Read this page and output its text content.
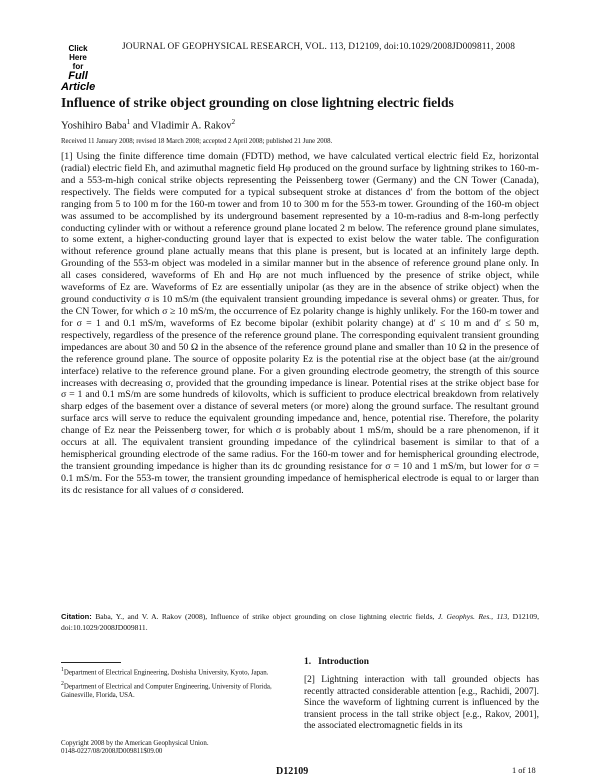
Click
Here
for
Full
Article
JOURNAL OF GEOPHYSICAL RESEARCH, VOL. 113, D12109, doi:10.1029/2008JD009811, 2008
Influence of strike object grounding on close lightning electric fields
Yoshihiro Baba$^1$ and Vladimir A. Rakov$^2$
Received 11 January 2008; revised 18 March 2008; accepted 2 April 2008; published 21 June 2008.
[1] Using the finite difference time domain (FDTD) method, we have calculated vertical electric field Ez, horizontal (radial) electric field Eh, and azimuthal magnetic field Hφ produced on the ground surface by lightning strikes to 160-m- and a 553-m-high conical strike objects representing the Peissenberg tower (Germany) and the CN Tower (Canada), respectively. The fields were computed for a typical subsequent stroke at distances d′ from the bottom of the object ranging from 5 to 100 m for the 160-m tower and from 10 to 300 m for the 553-m tower. Grounding of the 160-m object was assumed to be accomplished by its underground basement represented by a 10-m-radius and 8-m-long perfectly conducting cylinder with or without a reference ground plane located 2 m below. The reference ground plane simulates, to some extent, a higher-conducting ground layer that is expected to exist below the water table. The configuration without reference ground plane actually means that this plane is present, but is located at an infinitely large depth. Grounding of the 553-m object was modeled in a similar manner but in the absence of reference ground plane only. In all cases considered, waveforms of Eh and Hφ are not much influenced by the presence of strike object, while waveforms of Ez are. Waveforms of Ez are essentially unipolar (as they are in the absence of strike object) when the ground conductivity σ is 10 mS/m (the equivalent transient grounding impedance is several ohms) or greater. Thus, for the CN Tower, for which σ ≥ 10 mS/m, the occurrence of Ez polarity change is highly unlikely. For the 160-m tower and for σ = 1 and 0.1 mS/m, waveforms of Ez become bipolar (exhibit polarity change) at d′ ≤ 10 m and d′ ≤ 50 m, respectively, regardless of the presence of the reference ground plane. The corresponding equivalent transient grounding impedances are about 30 and 50 Ω in the absence of the reference ground plane and smaller than 10 Ω in the presence of the reference ground plane. The source of opposite polarity Ez is the potential rise at the object base (at the air/ground interface) relative to the reference ground plane. For a given grounding electrode geometry, the strength of this source increases with decreasing σ, provided that the grounding impedance is linear. Potential rises at the strike object base for σ = 1 and 0.1 mS/m are some hundreds of kilovolts, which is sufficient to produce electrical breakdown from relatively sharp edges of the basement over a distance of several meters (or more) along the ground surface. The resultant ground surface arcs will serve to reduce the equivalent grounding impedance and, hence, potential rise. Therefore, the polarity change of Ez near the Peissenberg tower, for which σ is probably about 1 mS/m, should be a rare phenomenon, if it occurs at all. The equivalent transient grounding impedance of the cylindrical basement is similar to that of a hemispherical grounding electrode of the same radius. For the 160-m tower and for hemispherical grounding electrode, the transient grounding impedance is higher than its dc grounding resistance for σ = 10 and 1 mS/m, but lower for σ = 0.1 mS/m. For the 553-m tower, the transient grounding impedance of hemispherical electrode is equal to or larger than its dc resistance for all values of σ considered.
Citation: Baba, Y., and V. A. Rakov (2008), Influence of strike object grounding on close lightning electric fields, J. Geophys. Res., 113, D12109, doi:10.1029/2008JD009811.

$^1$Department of Electrical Engineering, Doshisha University, Kyoto, Japan.

$^2$Department of Electrical and Computer Engineering, University of Florida, Gainesville, Florida, USA.

Copyright 2008 by the American Geophysical Union.
0148-0227/08/2008JD009811$09.00
1. Introduction
[2] Lightning interaction with tall grounded objects has recently attracted considerable attention [e.g., Rachidi, 2007]. Since the waveform of lightning current is influenced by the transient process in the tall strike object [e.g., Rakov, 2001], the associated electromagnetic fields in its
D12109	1 of 18
